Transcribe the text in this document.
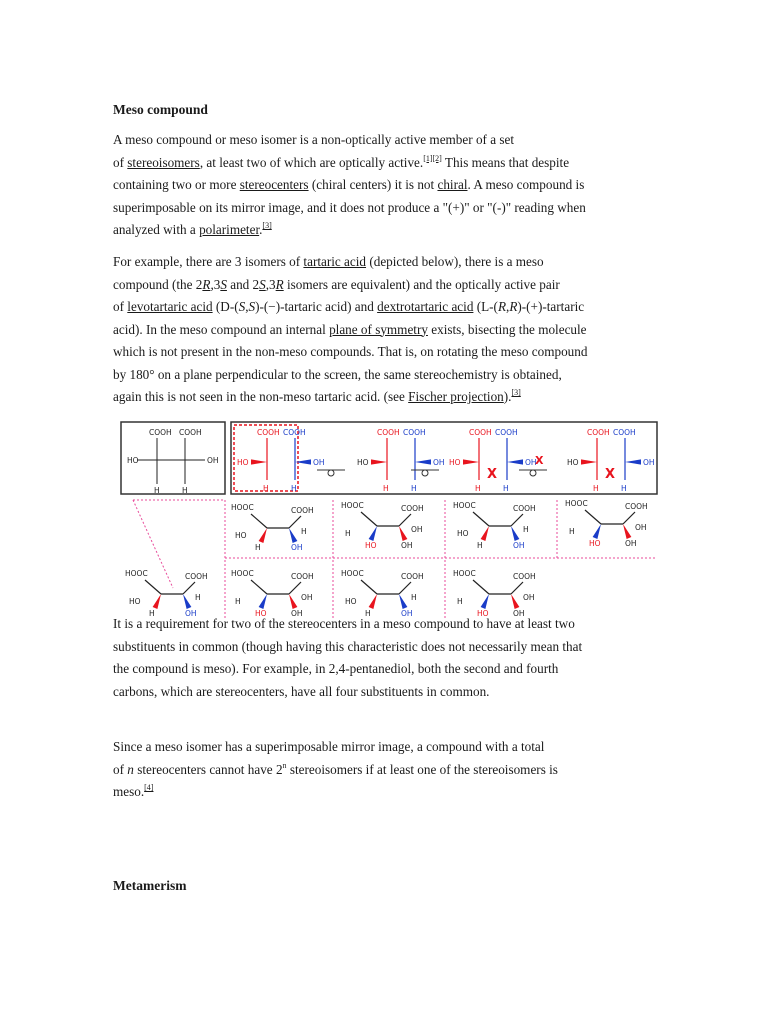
Meso compound

A meso compound or meso isomer is a non-optically active member of a set
of stereoisomers, at least two of which are optically active.[1][2] This means that despite
containing two or more stereocenters (chiral centers) it is not chiral. A meso compound is
superimposable on its mirror image, and it does not produce a "(+)" or "(-)" reading when
analyzed with a polarimeter.[3]

For example, there are 3 isomers of tartaric acid (depicted below), there is a meso
compound (the 2R,3S and 2S,3R isomers are equivalent) and the optically active pair
of levotartaric acid (D-(S,S)-(−)-tartaric acid) and dextrotartaric acid (L-(R,R)-(+)-tartaric
acid). In the meso compound an internal plane of symmetry exists, bisecting the molecule
which is not present in the non-meso compounds. That is, on rotating the meso compound
by 180° on a plane perpendicular to the screen, the same stereochemistry is obtained,
again this is not seen in the non-meso tartaric acid. (see Fischer projection).[3]

COOH COOH
HO	OH
H	H
COOH COOH
HO	OH
H	H
COOH COOH
HO	OH
H	H
COOH COOH
HO	OH
H	H
X
COOH COOH
HO	OH
H	H
X
X
HOOC	COOH
HO	H
H	OH
HOOC	COOH
H	OH
HO	OH
HOOC	COOH
HO	H
H	OH
HOOC	COOH
H	OH
HO	OH
HOOC	COOH
HO	H
H	OH
HOOC	COOH
H	OH
HO	OH
HOOC	COOH
HO	H
H	OH
HOOC	COOH
H	OH
HO	OH

It is a requirement for two of the stereocenters in a meso compound to have at least two
substituents in common (though having this characteristic does not necessarily mean that
the compound is meso). For example, in 2,4-pentanediol, both the second and fourth
carbons, which are stereocenters, have all four substituents in common.

Since a meso isomer has a superimposable mirror image, a compound with a total
of n stereocenters cannot have 2$^n$ stereoisomers if at least one of the stereoisomers is
meso.[4]

Metamerism
